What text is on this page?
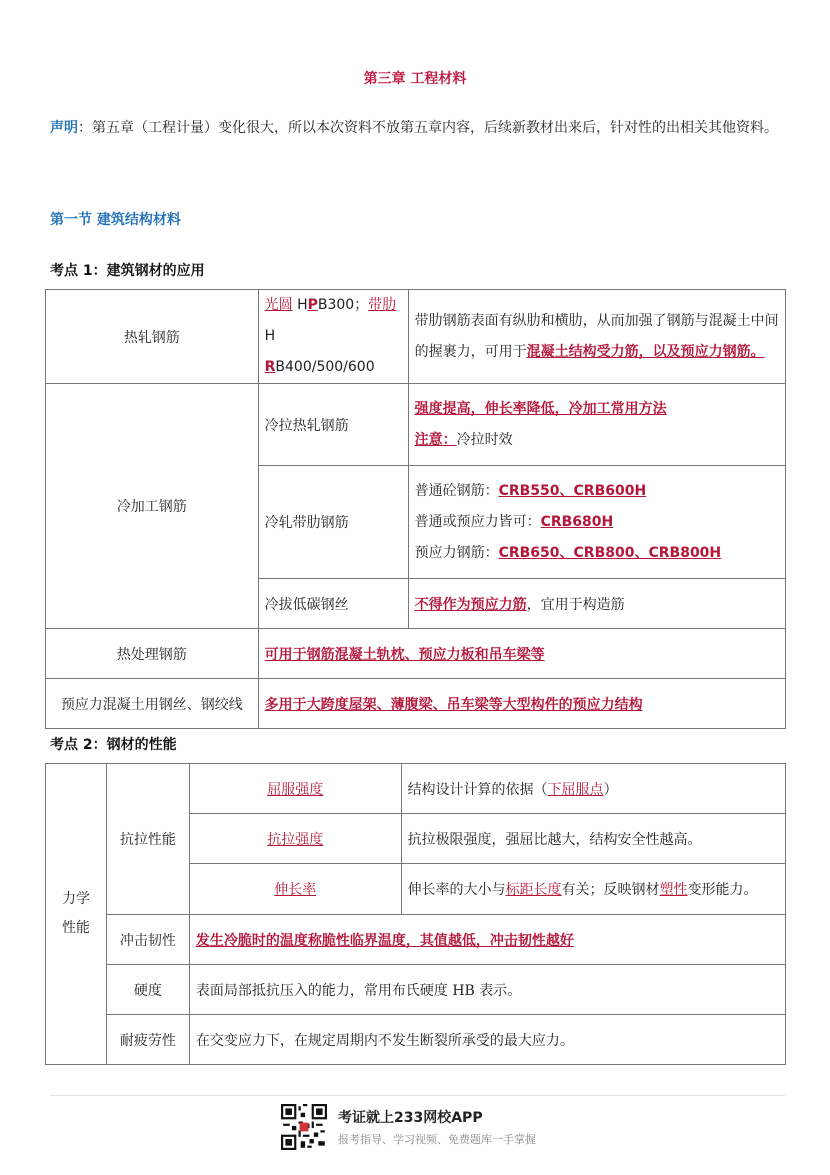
第三章 工程材料
声明：第五章（工程计量）变化很大，所以本次资料不放第五章内容，后续新教材出来后，针对性的出相关其他资料。
第一节 建筑结构材料
考点 1：建筑钢材的应用
热轧钢筋	光圆 HPB300；带肋 H
RB400/500/600	带肋钢筋表面有纵肋和横肋，从而加强了钢筋与混凝土中间的握裹力，可用于混凝土结构受力筋，以及预应力钢筋。
冷加工钢筋	冷拉热轧钢筋	强度提高，伸长率降低，冷加工常用方法
注意：冷拉时效
	冷轧带肋钢筋	普通砼钢筋：CRB550、CRB600H
普通或预应力皆可：CRB680H
预应力钢筋：CRB650、CRB800、CRB800H
	冷拔低碳钢丝	不得作为预应力筋，宜用于构造筋
热处理钢筋	可用于钢筋混凝土轨枕、预应力板和吊车梁等	
预应力混凝土用钢丝、钢绞线	多用于大跨度屋架、薄腹梁、吊车梁等大型构件的预应力结构	
考点 2：钢材的性能
力学性能	抗拉性能	屈服强度	结构设计计算的依据（下屈服点）
		抗拉强度	抗拉极限强度，强屈比越大，结构安全性越高。
		伸长率	伸长率的大小与标距长度有关；反映钢材塑性变形能力。
	冲击韧性	发生冷脆时的温度称脆性临界温度，其值越低，冲击韧性越好	
	硬度	表面局部抵抗压入的能力，常用布氏硬度 HB 表示。	
	耐疲劳性	在交变应力下，在规定周期内不发生断裂所承受的最大应力。	
考证就上233网校APP
报考指导、学习视频、免费题库一手掌握
